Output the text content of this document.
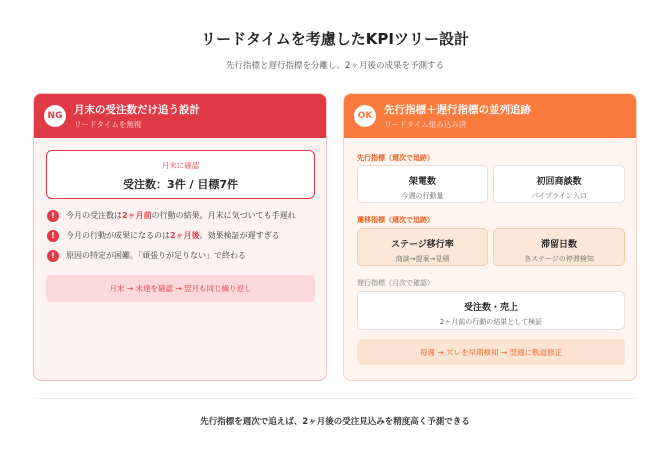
リードタイムを考慮したKPIツリー設計
先行指標と遅行指標を分離し、2ヶ月後の成果を予測する
NG	月末の受注数だけ追う設計
リードタイムを無視
月末に確認
受注数：3件 / 目標7件
!	今月の受注数は2ヶ月前の行動の結果。月末に気づいても手遅れ
!	今月の行動が成果になるのは2ヶ月後。効果検証が遅すぎる
!	原因の特定が困難。「頑張りが足りない」で終わる
月末 → 未達を確認 → 翌月も同じ繰り返し
OK	先行指標＋遅行指標の並列追跡
リードタイム組み込み済
先行指標（週次で追跡）
架電数
今週の行動量
初回商談数
パイプライン入口
遷移指標（週次で追跡）
ステージ移行率
商談→提案→見積
滞留日数
各ステージの停滞検知
遅行指標（月次で確認）
受注数・売上
2ヶ月前の行動の結果として検証
毎週 → ズレを早期検知 → 翌週に軌道修正
先行指標を週次で追えば、2ヶ月後の受注見込みを精度高く予測できる
